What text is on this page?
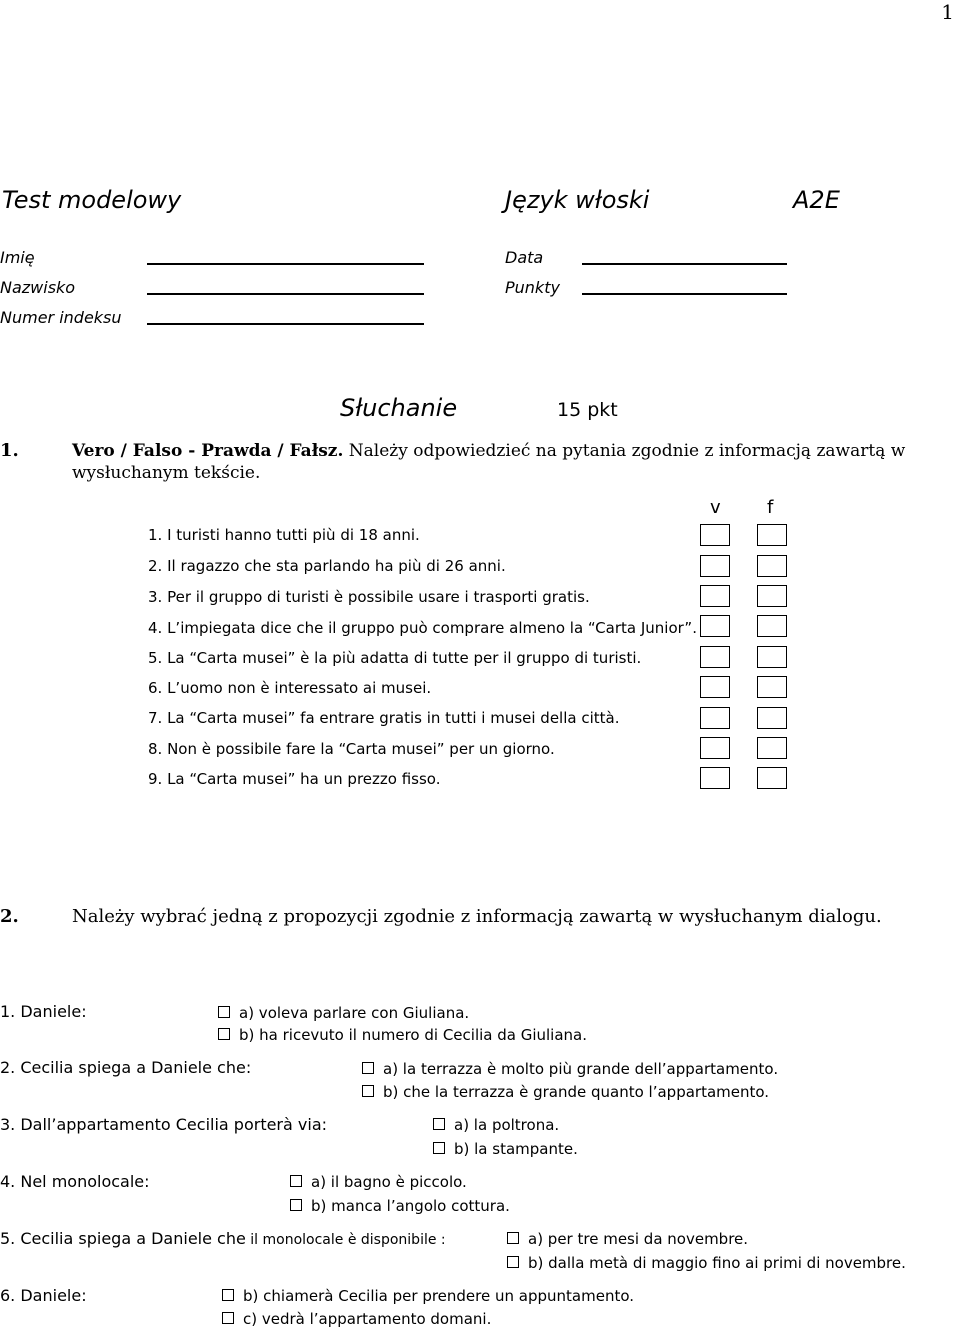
1
Test modelowy	Język włoski	A2E
Imię
Nazwisko
Numer indeksu
Data
Punkty
Słuchanie	15 pkt
1.	Vero / Falso - Prawda / Fałsz. Należy odpowiedzieć na pytania zgodnie z informacją zawartą w
wysłuchanym tekście.
v	f
1. I turisti hanno tutti più di 18 anni.
2. Il ragazzo che sta parlando ha più di 26 anni.
3. Per il gruppo di turisti è possibile usare i trasporti gratis.
4. L’impiegata dice che il gruppo può comprare almeno la “Carta Junior”.
5. La “Carta musei” è la più adatta di tutte per il gruppo di turisti.
6. L’uomo non è interessato ai musei.
7. La “Carta musei” fa entrare gratis in tutti i musei della città.
8. Non è possibile fare la “Carta musei” per un giorno.
9. La “Carta musei” ha un prezzo fisso.
2.	Należy wybrać jedną z propozycji zgodnie z informacją zawartą w wysłuchanym dialogu.
1. Daniele:	a) voleva parlare con Giuliana.
b) ha ricevuto il numero di Cecilia da Giuliana.
2. Cecilia spiega a Daniele che:	a) la terrazza è molto più grande dell’appartamento.
b) che la terrazza è grande quanto l’appartamento.
3. Dall’appartamento Cecilia porterà via:	a) la poltrona.
b) la stampante.
4. Nel monolocale:	a) il bagno è piccolo.
b) manca l’angolo cottura.
5. Cecilia spiega a Daniele che il monolocale è disponibile :	a) per tre mesi da novembre.
b) dalla metà di maggio fino ai primi di novembre.
6. Daniele:	b) chiamerà Cecilia per prendere un appuntamento.
c) vedrà l’appartamento domani.
